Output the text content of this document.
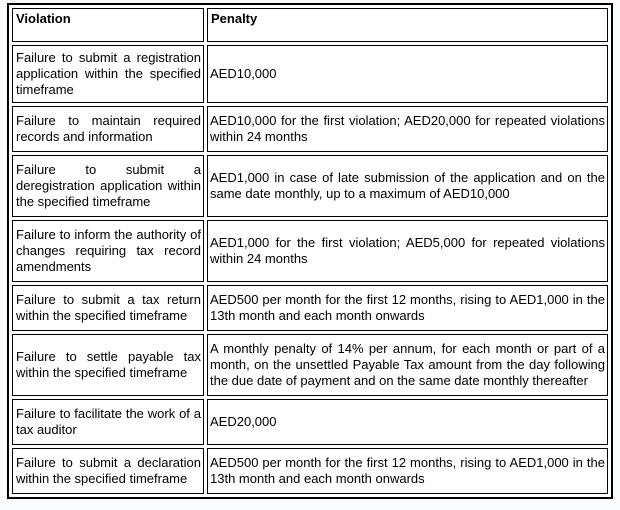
Violation	Penalty
Failure to submit a registration application within the specified timeframe	AED10,000
Failure to maintain required records and information	AED10,000 for the first violation; AED20,000 for repeated violations within 24 months
Failure to submit a deregistration application within the specified timeframe	AED1,000 in case of late submission of the application and on the same date monthly, up to a maximum of AED10,000
Failure to inform the authority of changes requiring tax record amendments	AED1,000 for the first violation; AED5,000 for repeated violations within 24 months
Failure to submit a tax return within the specified timeframe	AED500 per month for the first 12 months, rising to AED1,000 in the 13th month and each month onwards
Failure to settle payable tax within the specified timeframe	A monthly penalty of 14% per annum, for each month or part of a month, on the unsettled Payable Tax amount from the day following the due date of payment and on the same date monthly thereafter
Failure to facilitate the work of a tax auditor	AED20,000
Failure to submit a declaration within the specified timeframe	AED500 per month for the first 12 months, rising to AED1,000 in the 13th month and each month onwards
